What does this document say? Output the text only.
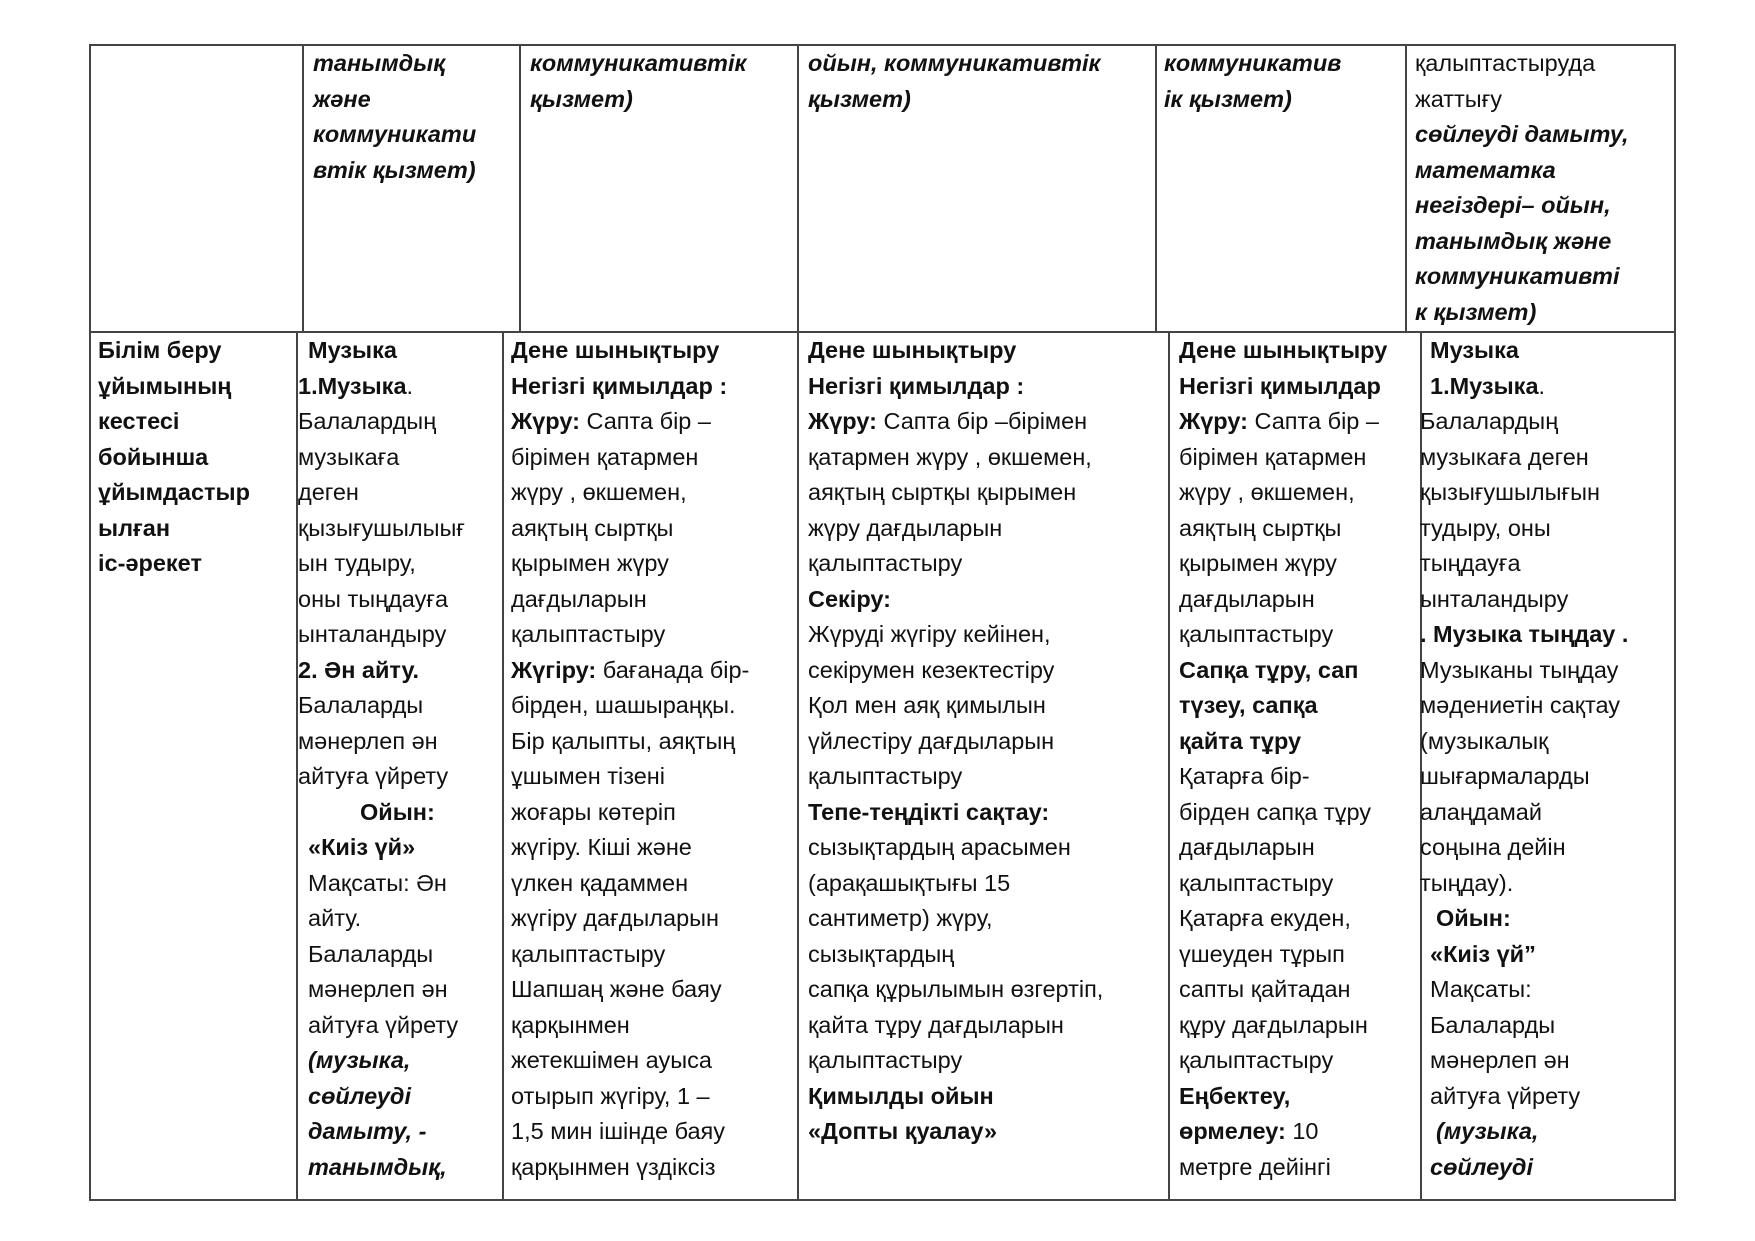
танымдық

және

коммуникати

втік қызмет)

коммуникативтік

қызмет)

ойын, коммуникативтік

қызмет)

коммуникатив

ік қызмет)

қалыптастыруда

жаттығу

сөйлеуді дамыту,

математка

негіздері– ойын,

танымдық және

коммуникативті

к қызмет)

Білім беру

ұйымының

кестесі

бойынша

ұйымдастыр

ылған

іс-әрекет

Музыка

1.Музыка.

Балалардың

музыкаға

деген

қызығушылыығ

ын тудыру,

оны тыңдауға

ынталандыру

2. Ән айту.

Балаларды

мәнерлеп ән

айтуға үйрету

Ойын:

«Киіз үй»

Мақсаты: Ән

айту.

Балаларды

мәнерлеп ән

айтуға үйрету

(музыка,

сөйлеуді

дамыту, -

танымдық,

Дене шынықтыру

Негізгі қимылдар :

Жүру: Сапта бір –

бірімен қатармен

жүру , өкшемен,

аяқтың сыртқы

қырымен жүру

дағдыларын

қалыптастыру

Жүгіру: бағанада бір-

бірден, шашыраңқы.

Бір қалыпты, аяқтың

ұшымен тізені

жоғары көтеріп

жүгіру. Кіші және

үлкен қадаммен

жүгіру дағдыларын

қалыптастыру

Шапшаң және баяу

қарқынмен

жетекшімен ауыса

отырып жүгіру, 1 –

1,5 мин ішінде баяу

қарқынмен үздіксіз

Дене шынықтыру

Негізгі қимылдар :

Жүру: Сапта бір –бірімен

қатармен жүру , өкшемен,

аяқтың сыртқы қырымен

жүру дағдыларын

қалыптастыру

Секіру:

Жүруді жүгіру кейінен,

секірумен кезектестіру

Қол мен аяқ қимылын

үйлестіру дағдыларын

қалыптастыру

Тепе-теңдікті сақтау:

сызықтардың арасымен

(арақашықтығы 15

сантиметр) жүру,

сызықтардың

сапқа құрылымын өзгертіп,

қайта тұру дағдыларын

қалыптастыру

Қимылды ойын

«Допты қуалау»

Дене шынықтыру

Негізгі қимылдар

Жүру: Сапта бір –

бірімен қатармен

жүру , өкшемен,

аяқтың сыртқы

қырымен жүру

дағдыларын

қалыптастыру

Сапқа тұру, сап

түзеу, сапқа

қайта тұру

Қатарға бір-

бірден сапқа тұру

дағдыларын

қалыптастыру

Қатарға екуден,

үшеуден тұрып

сапты қайтадан

құру дағдыларын

қалыптастыру

Еңбектеу,

өрмелеу: 10

метрге дейінгі

Музыка

1.Музыка.

Балалардың

музыкаға деген

қызығушылығын

тудыру, оны

тыңдауға

ынталандыру

. Музыка тыңдау .

Музыканы тыңдау

мәдениетін сақтау

(музыкалық

шығармаларды

алаңдамай

соңына дейін

тыңдау).

Ойын:

«Киіз үй”

Мақсаты:

Балаларды

мәнерлеп ән

айтуға үйрету

(музыка,

сөйлеуді
